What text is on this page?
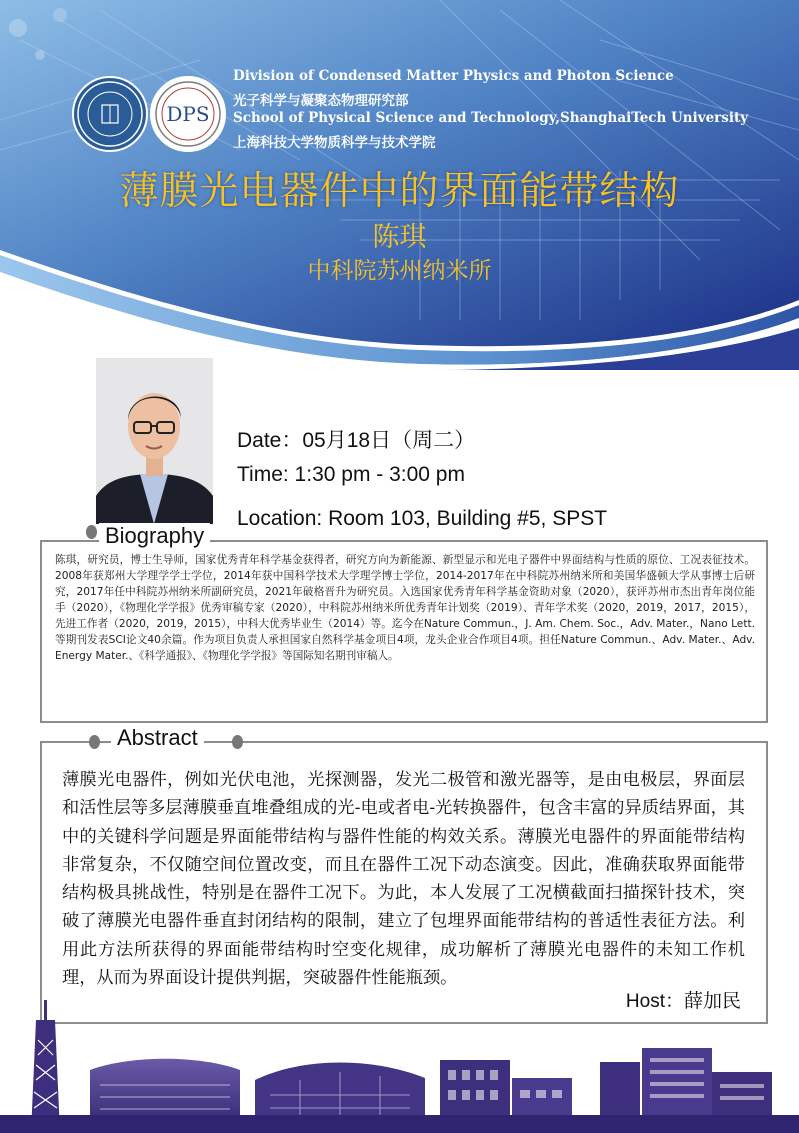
DPS
Division of Condensed Matter Physics and Photon Science
光子科学与凝聚态物理研究部
School of Physical Science and Technology,ShanghaiTech University
上海科技大学物质科学与技术学院
薄膜光电器件中的界面能带结构
陈琪
中科院苏州纳米所
Date：05月18日（周二）
Time: 1:30 pm - 3:00 pm
Location: Room 103, Building #5, SPST
Biography
陈琪，研究员，博士生导师，国家优秀青年科学基金获得者，研究方向为新能源、新型显示和光电子器件中界面结构与性质的原位、工况表征技术。2008年获郑州大学理学学士学位，2014年获中国科学技术大学理学博士学位，2014-2017年在中科院苏州纳米所和美国华盛顿大学从事博士后研究，2017年任中科院苏州纳米所副研究员，2021年破格晋升为研究员。入选国家优秀青年科学基金资助对象（2020），获评苏州市杰出青年岗位能手（2020），《物理化学学报》优秀审稿专家（2020），中科院苏州纳米所优秀青年计划奖（2019）、青年学术奖（2020，2019，2017，2015），先进工作者（2020，2019，2015），中科大优秀毕业生（2014）等。迄今在Nature Commun.，J. Am. Chem. Soc.，Adv. Mater.，Nano Lett.等期刊发表SCI论文40余篇。作为项目负责人承担国家自然科学基金项目4项，龙头企业合作项目4项。担任Nature Commun.、Adv. Mater.、Adv. Energy Mater.、《科学通报》、《物理化学学报》等国际知名期刊审稿人。
Abstract
薄膜光电器件，例如光伏电池，光探测器，发光二极管和激光器等，是由电极层，界面层和活性层等多层薄膜垂直堆叠组成的光-电或者电-光转换器件，包含丰富的异质结界面，其中的关键科学问题是界面能带结构与器件性能的构效关系。薄膜光电器件的界面能带结构非常复杂，不仅随空间位置改变，而且在器件工况下动态演变。因此，准确获取界面能带结构极具挑战性，特别是在器件工况下。为此，本人发展了工况横截面扫描探针技术，突破了薄膜光电器件垂直封闭结构的限制，建立了包埋界面能带结构的普适性表征方法。利用此方法所获得的界面能带结构时空变化规律，成功解析了薄膜光电器件的未知工作机理，从而为界面设计提供判据，突破器件性能瓶颈。
Host：薛加民
